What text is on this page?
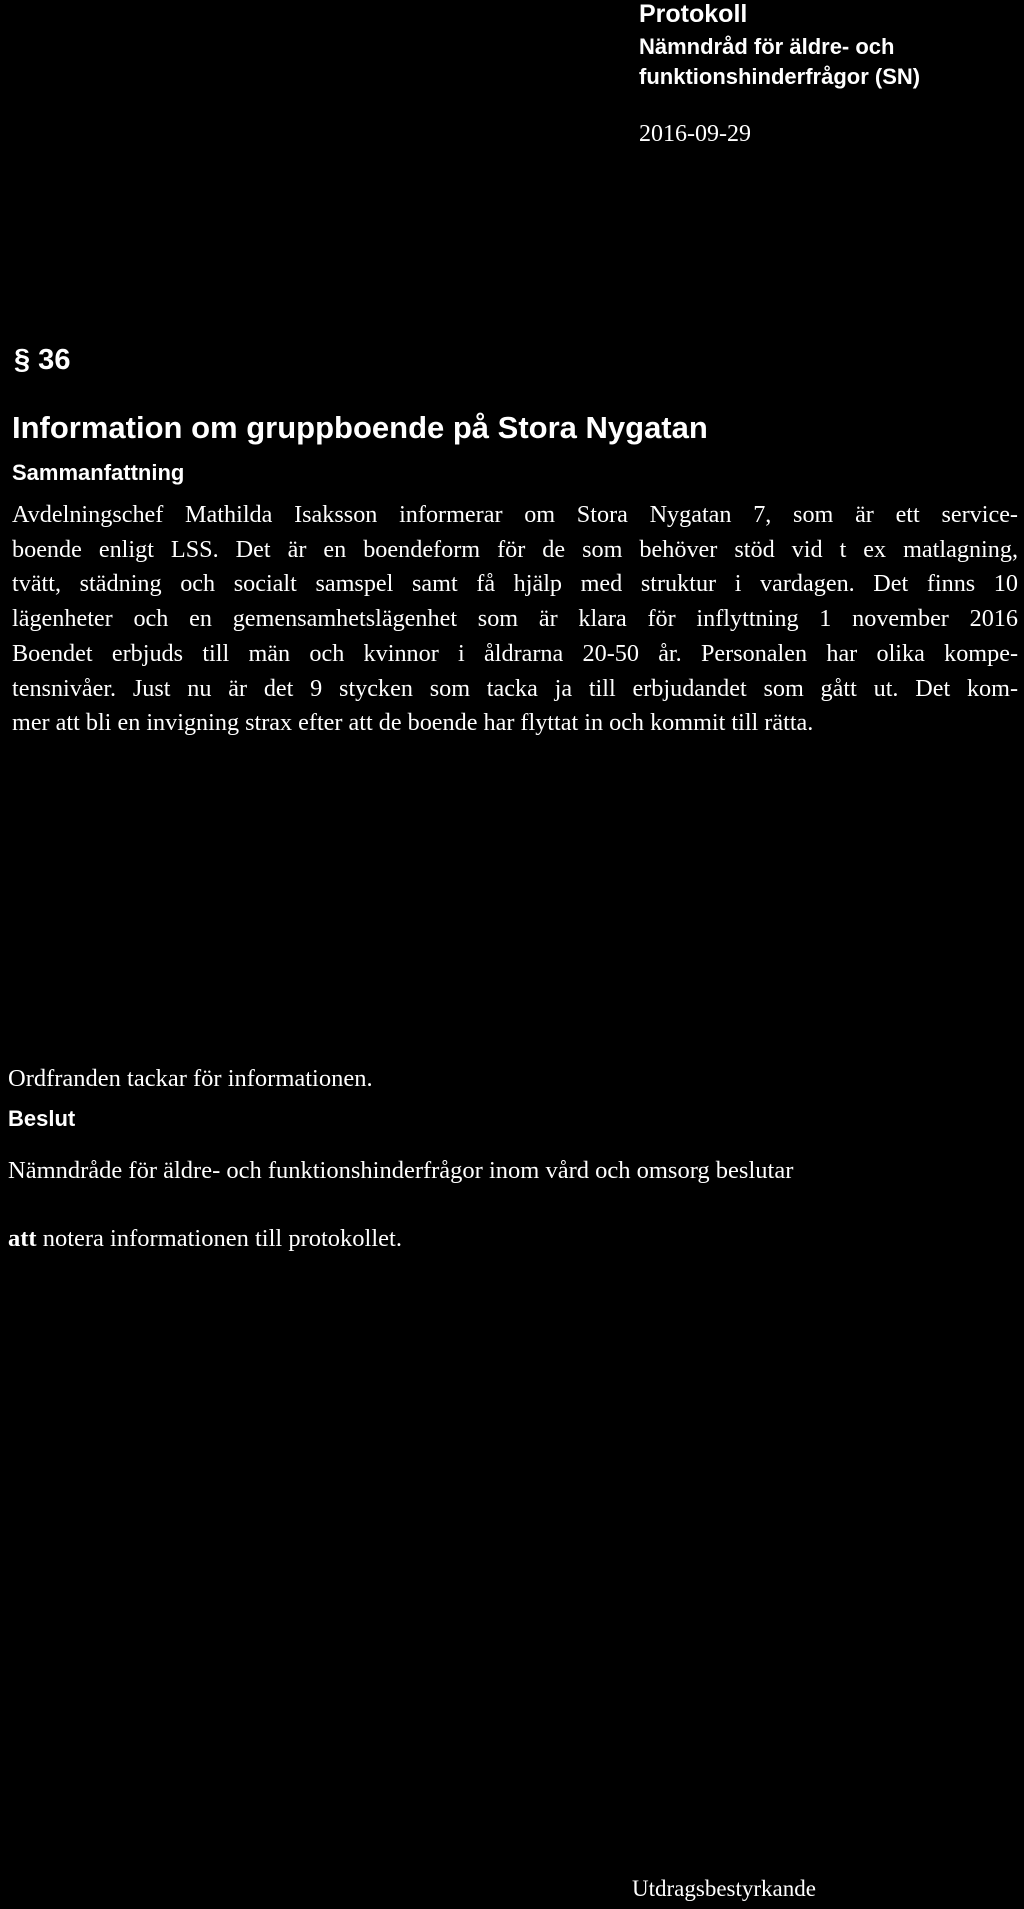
Protokoll
Nämndråd för äldre- och
funktionshinderfrågor (SN)
2016-09-29
§ 36
Information om gruppboende på Stora Nygatan
Sammanfattning
Avdelningschef Mathilda Isaksson informerar om Stora Nygatan 7, som är ett service-
boende enligt LSS. Det är en boendeform för de som behöver stöd vid t ex matlagning,
tvätt, städning och socialt samspel samt få hjälp med struktur i vardagen. Det finns 10
lägenheter och en gemensamhetslägenhet som är klara för inflyttning 1 november 2016
Boendet erbjuds till män och kvinnor i åldrarna 20-50 år. Personalen har olika kompe-
tensnivåer. Just nu är det 9 stycken som tacka ja till erbjudandet som gått ut. Det kom-
mer att bli en invigning strax efter att de boende har flyttat in och kommit till rätta.
Ordfranden tackar för informationen.
Beslut
Nämndråde för äldre- och funktionshinderfrågor inom vård och omsorg beslutar
att notera informationen till protokollet.
Utdragsbestyrkande
